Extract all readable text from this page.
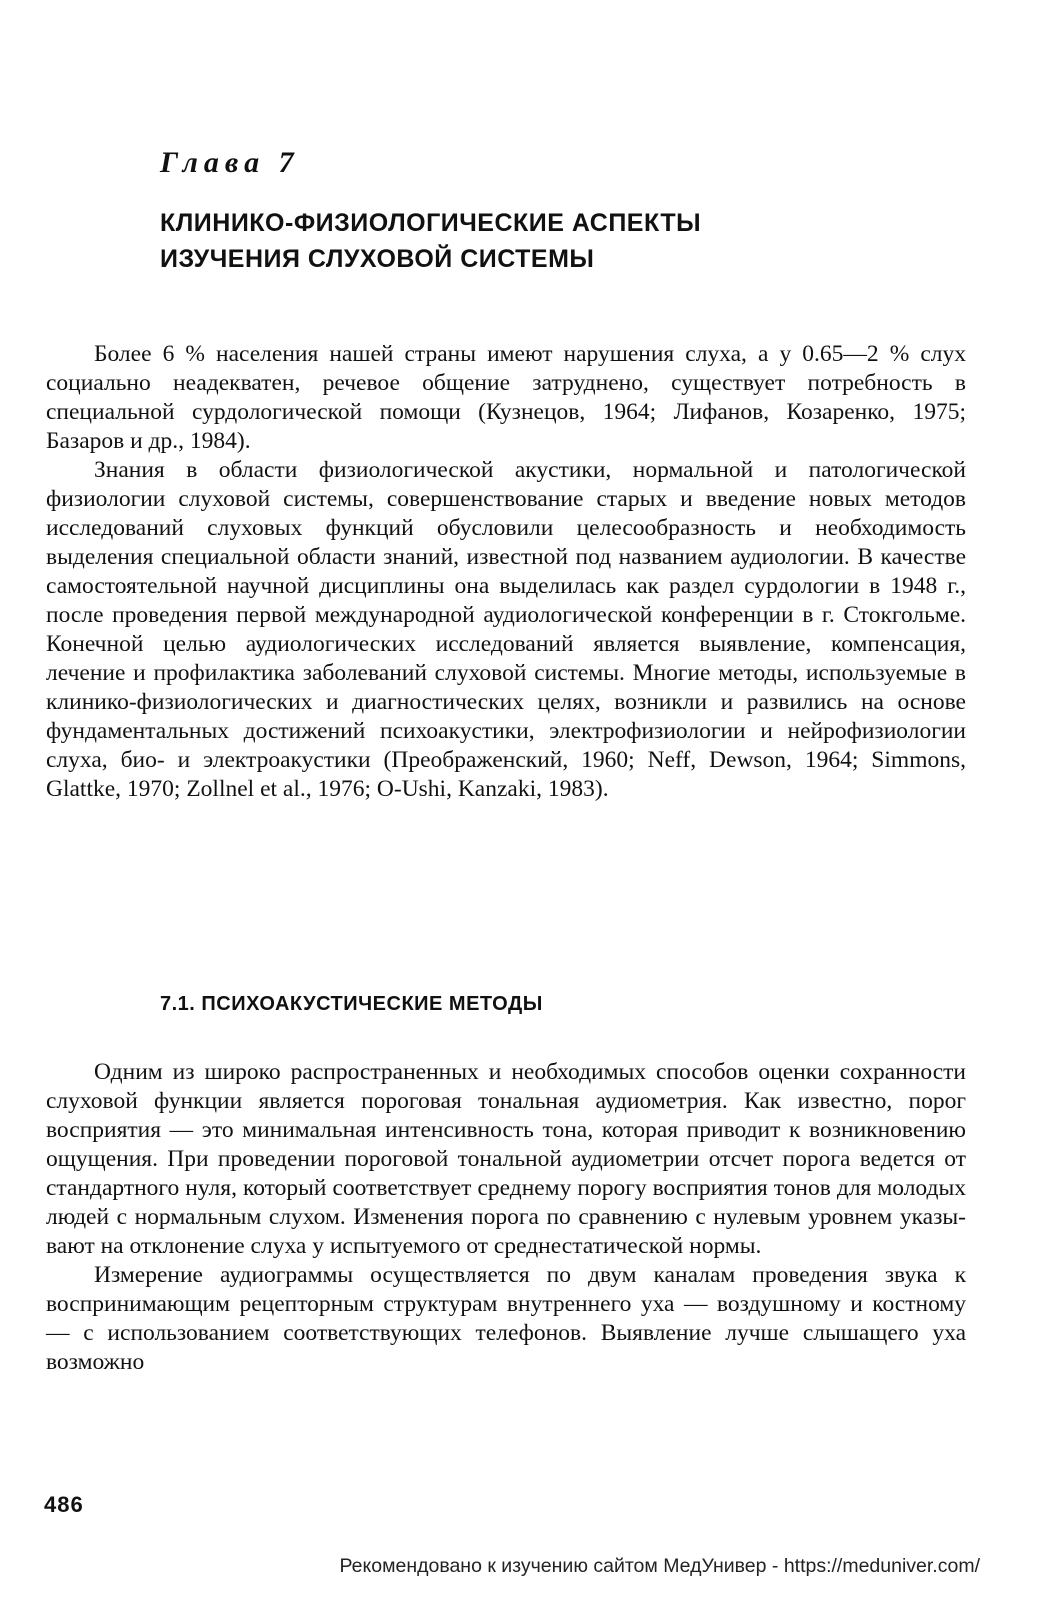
Глава 7
КЛИНИКО-ФИЗИОЛОГИЧЕСКИЕ АСПЕКТЫ
ИЗУЧЕНИЯ СЛУХОВОЙ СИСТЕМЫ

Более 6 % населения нашей страны имеют нарушения слуха, а у 0.65—2 % слух социально неадекватен, речевое общение затруднено, существует потребность в специальной сурдологической помощи (Кузнецов, 1964; Лифанов, Козаренко, 1975; Базаров и др., 1984).

Знания в области физиологической акустики, нормальной и патологической физиологии слуховой системы, совершенствование старых и введение новых методов исследований слуховых функций обусловили целесообразность и необходимость выделения специальной области знаний, известной под названием аудиологии. В качестве самостоятельной научной дисциплины она выделилась как раздел сурдологии в 1948 г., после проведения первой международной аудиологической конференции в г. Стокгольме. Конечной целью аудиологических исследований является выявление, компенсация, лечение и профилактика заболеваний слуховой системы. Многие методы, используемые в клинико-физиологических и диагностических целях, возникли и развились на основе фундаментальных достижений психоакустики, электрофизиологии и нейрофизиологии слуха, био- и электроакустики (Преображенский, 1960; Neff, Dewson, 1964; Simmons, Glattke, 1970; Zollnel et al., 1976; O-Ushi, Kanzaki, 1983).

7.1. ПСИХОАКУСТИЧЕСКИЕ МЕТОДЫ

Одним из широко распространенных и необходимых способов оценки сохранности слуховой функции является пороговая тональная аудиометрия. Как известно, порог восприятия — это минимальная интенсивность тона, которая приводит к возникновению ощущения. При проведении пороговой тональной аудиометрии отсчет порога ведется от стандартного нуля, который соответствует среднему порогу восприятия тонов для молодых людей с нормальным слухом. Изменения порога по сравнению с нулевым уровнем указывают на отклонение слуха у испытуемого от среднестатической нормы.

Измерение аудиограммы осуществляется по двум каналам проведения звука к воспринимающим рецепторным структурам внутреннего уха — воздушному и костному — с использованием соответствующих телефонов. Выявление лучше слышащего уха возможно

486
Рекомендовано к изучению сайтом МедУнивер - https://meduniver.com/
